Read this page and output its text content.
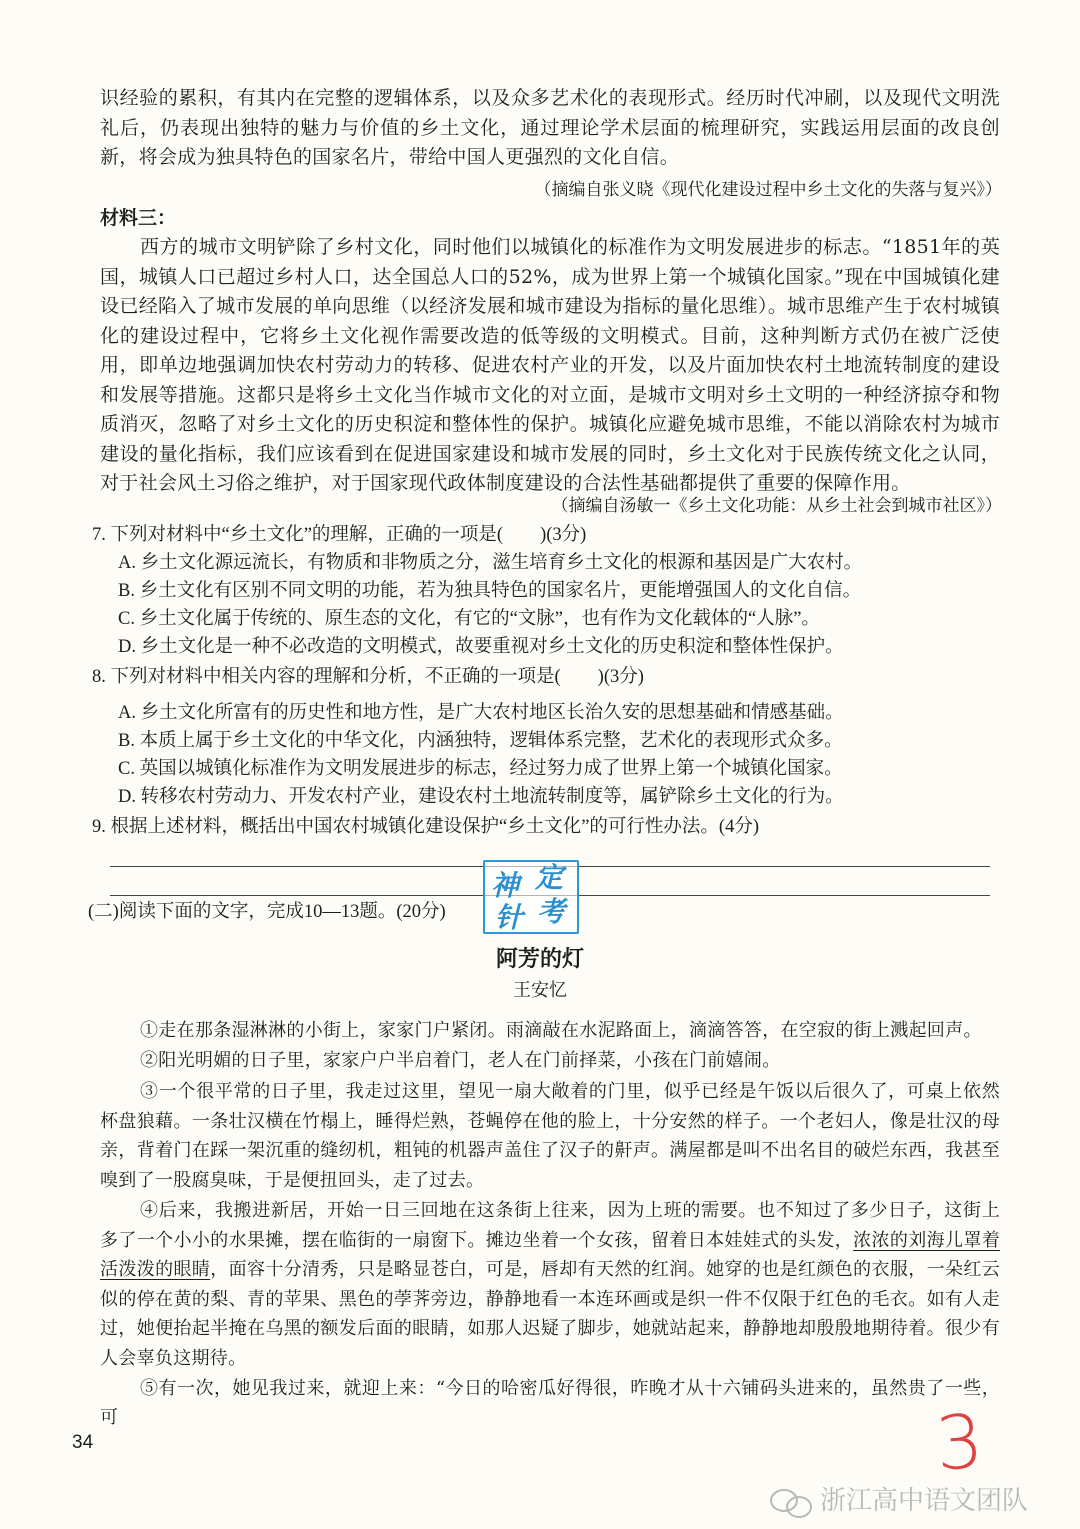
识经验的累积，有其内在完整的逻辑体系，以及众多艺术化的表现形式。经历时代冲刷，以及现代文明洗礼后，仍表现出独特的魅力与价值的乡土文化，通过理论学术层面的梳理研究，实践运用层面的改良创新，将会成为独具特色的国家名片，带给中国人更强烈的文化自信。
（摘编自张义晓《现代化建设过程中乡土文化的失落与复兴》）
材料三：
西方的城市文明铲除了乡村文化，同时他们以城镇化的标准作为文明发展进步的标志。“1851年的英国，城镇人口已超过乡村人口，达全国总人口的52%，成为世界上第一个城镇化国家。”现在中国城镇化建设已经陷入了城市发展的单向思维（以经济发展和城市建设为指标的量化思维）。城市思维产生于农村城镇化的建设过程中，它将乡土文化视作需要改造的低等级的文明模式。目前，这种判断方式仍在被广泛使用，即单边地强调加快农村劳动力的转移、促进农村产业的开发，以及片面加快农村土地流转制度的建设和发展等措施。这都只是将乡土文化当作城市文化的对立面，是城市文明对乡土文明的一种经济掠夺和物质消灭，忽略了对乡土文化的历史积淀和整体性的保护。城镇化应避免城市思维，不能以消除农村为城市建设的量化指标，我们应该看到在促进国家建设和城市发展的同时，乡土文化对于民族传统文化之认同，对于社会风土习俗之维护，对于国家现代政体制度建设的合法性基础都提供了重要的保障作用。
（摘编自汤敏一《乡土文化功能：从乡土社会到城市社区》）
7. 下列对材料中“乡土文化”的理解，正确的一项是(　　)(3分)
A. 乡土文化源远流长，有物质和非物质之分，滋生培育乡土文化的根源和基因是广大农村。
B. 乡土文化有区别不同文明的功能，若为独具特色的国家名片，更能增强国人的文化自信。
C. 乡土文化属于传统的、原生态的文化，有它的“文脉”，也有作为文化载体的“人脉”。
D. 乡土文化是一种不必改造的文明模式，故要重视对乡土文化的历史积淀和整体性保护。
8. 下列对材料中相关内容的理解和分析，不正确的一项是(　　)(3分)
A. 乡土文化所富有的历史性和地方性，是广大农村地区长治久安的思想基础和情感基础。
B. 本质上属于乡土文化的中华文化，内涵独特，逻辑体系完整，艺术化的表现形式众多。
C. 英国以城镇化标准作为文明发展进步的标志，经过努力成了世界上第一个城镇化国家。
D. 转移农村劳动力、开发农村产业，建设农村土地流转制度等，属铲除乡土文化的行为。
9. 根据上述材料，概括出中国农村城镇化建设保护“乡土文化”的可行性办法。(4分)
神 定
针 考
(二)阅读下面的文字，完成10—13题。(20分)
阿芳的灯
王安忆
①走在那条湿淋淋的小街上，家家门户紧闭。雨滴敲在水泥路面上，滴滴答答，在空寂的街上溅起回声。
②阳光明媚的日子里，家家户户半启着门，老人在门前择菜，小孩在门前嬉闹。
③一个很平常的日子里，我走过这里，望见一扇大敞着的门里，似乎已经是午饭以后很久了，可桌上依然杯盘狼藉。一条壮汉横在竹榻上，睡得烂熟，苍蝇停在他的脸上，十分安然的样子。一个老妇人，像是壮汉的母亲，背着门在踩一架沉重的缝纫机，粗钝的机器声盖住了汉子的鼾声。满屋都是叫不出名目的破烂东西，我甚至嗅到了一股腐臭味，于是便扭回头，走了过去。
④后来，我搬进新居，开始一日三回地在这条街上往来，因为上班的需要。也不知过了多少日子，这街上多了一个小小的水果摊，摆在临街的一扇窗下。摊边坐着一个女孩，留着日本娃娃式的头发，浓浓的刘海儿罩着活泼泼的眼睛，面容十分清秀，只是略显苍白，可是，唇却有天然的红润。她穿的也是红颜色的衣服，一朵红云似的停在黄的梨、青的苹果、黑色的荸荠旁边，静静地看一本连环画或是织一件不仅限于红色的毛衣。如有人走过，她便抬起半掩在乌黑的额发后面的眼睛，如那人迟疑了脚步，她就站起来，静静地却殷殷地期待着。很少有人会辜负这期待。
⑤有一次，她见我过来，就迎上来：“今日的哈密瓜好得很，昨晚才从十六铺码头进来的，虽然贵了一些，可
34	3
浙江高中语文团队
